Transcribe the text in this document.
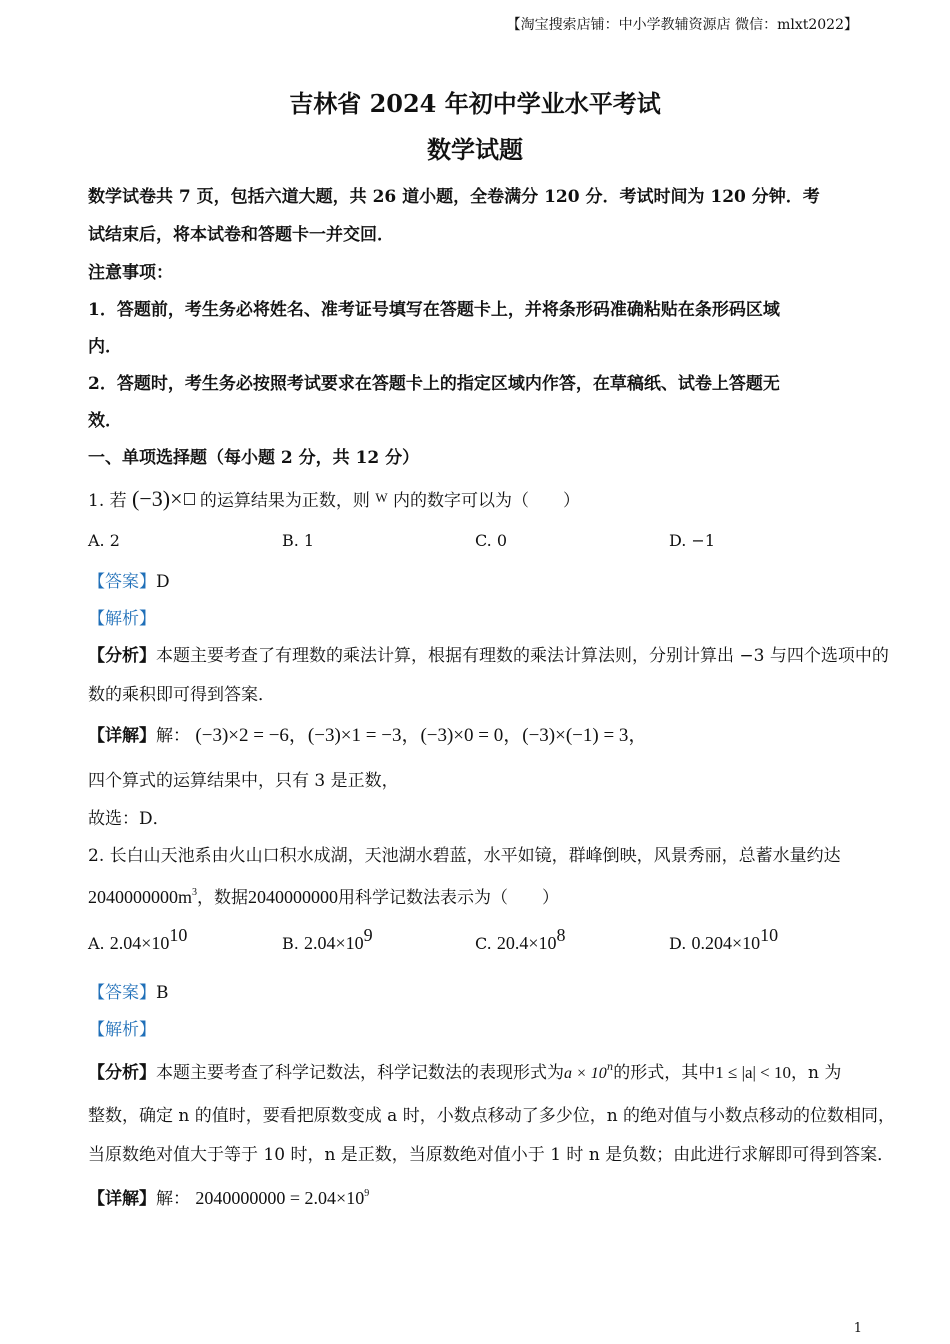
【淘宝搜索店铺：中小学教辅资源店 微信：mlxt2022】
吉林省 2024 年初中学业水平考试
数学试题
数学试卷共 7 页，包括六道大题，共 26 道小题，全卷满分 120 分．考试时间为 120 分钟．考
试结束后，将本试卷和答题卡一并交回．
注意事项：
1．答题前，考生务必将姓名、准考证号填写在答题卡上，并将条形码准确粘贴在条形码区域
内．
2．答题时，考生务必按照考试要求在答题卡上的指定区域内作答，在草稿纸、试卷上答题无
效．
一、单项选择题（每小题 2 分，共 12 分）
1. 若 (−3)× 的运算结果为正数，则 $^W$ 内的数字可以为（　　）
A. 2	B. 1	C. 0	D. −1
【答案】D
【解析】
【分析】本题主要考查了有理数的乘法计算，根据有理数的乘法计算法则，分别计算出 −3 与四个选项中的
数的乘积即可得到答案．
【详解】解： (−3)×2 = −6，(−3)×1 = −3，(−3)×0 = 0，(−3)×(−1) = 3，
四个算式的运算结果中，只有 3 是正数，
故选：D．
2. 长白山天池系由火山口积水成湖，天池湖水碧蓝，水平如镜，群峰倒映，风景秀丽，总蓄水量约达
$2040000000m^3$，数据2040000000用科学记数法表示为（　　）
A. $2.04\times 10^{10}$	B. $2.04\times 10^9$	C. $20.4\times 10^8$	D. $0.204\times 10^{10}$
【答案】B
【解析】
【分析】本题主要考查了科学记数法，科学记数法的表现形式为$a \times 10^n$的形式，其中1 ≤ |a| < 10，n 为
整数，确定 n 的值时，要看把原数变成 a 时，小数点移动了多少位，n 的绝对值与小数点移动的位数相同，
当原数绝对值大于等于 10 时，n 是正数，当原数绝对值小于 1 时 n 是负数；由此进行求解即可得到答案．
【详解】解： $2040000000 = 2.04\times 10^9$
1
